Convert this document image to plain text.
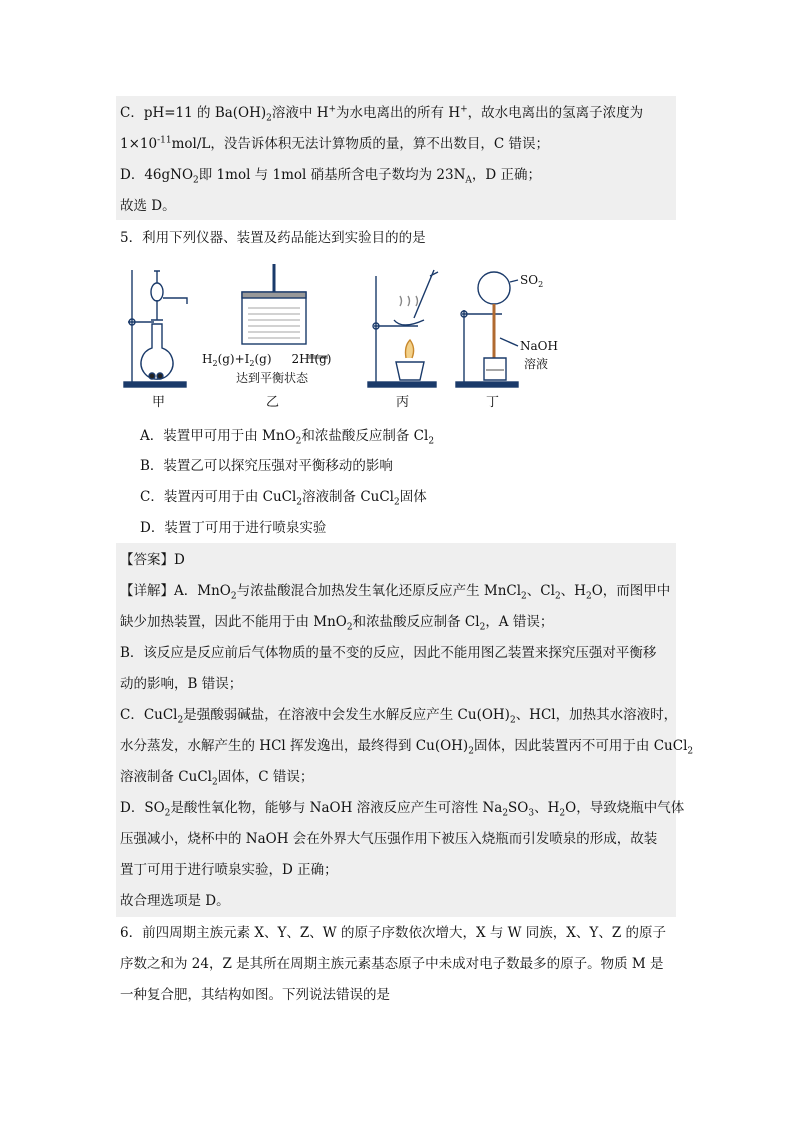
C．pH=11 的 $Ba(OH)_2$溶液中 H+为水电离出的所有 H+，故水电离出的氢离子浓度为
$1\times 10^{-11}mol/L$，没告诉体积无法计算物质的量，算不出数目，C 错误；
D．46gNO$_2$即 1mol 与 1mol 硝基所含电子数均为 $23N_A$，D 正确；
故选 D。
5．利用下列仪器、装置及药品能达到实验目的的是
甲	乙	丙	丁
$H_2(g)+I_2(g)$ 2HI(g)
达到平衡状态
$SO_2$
NaOH
溶液
A．装置甲可用于由 MnO$_2$和浓盐酸反应制备 $Cl_2$
B．装置乙可以探究压强对平衡移动的影响
C．装置丙可用于由 CuCl$_2$溶液制备 CuCl$_2$固体
D．装置丁可用于进行喷泉实验
【答案】D
【详解】A．MnO$_2$与浓盐酸混合加热发生氧化还原反应产生 MnCl$_2$、$Cl_2$、$H_2O$，而图甲中
缺少加热装置，因此不能用于由 MnO$_2$和浓盐酸反应制备 $Cl_2$，A 错误；
B．该反应是反应前后气体物质的量不变的反应，因此不能用图乙装置来探究压强对平衡移
动的影响，B 错误；
C．CuCl$_2$是强酸弱碱盐，在溶液中会发生水解反应产生 $Cu(OH)_2$、HCl，加热其水溶液时，
水分蒸发，水解产生的 HCl 挥发逸出，最终得到 $Cu(OH)_2$固体，因此装置丙不可用于由 CuCl$_2$
溶液制备 CuCl$_2$固体，C 错误；
D．$SO_2$是酸性氧化物，能够与 NaOH 溶液反应产生可溶性 $Na_2SO_3$、$H_2O$，导致烧瓶中气体
压强减小，烧杯中的 NaOH 会在外界大气压强作用下被压入烧瓶而引发喷泉的形成，故装
置丁可用于进行喷泉实验，D 正确；
故合理选项是 D。
6．前四周期主族元素 X、Y、Z、W 的原子序数依次增大，X 与 W 同族，X、Y、Z 的原子
序数之和为 24，Z 是其所在周期主族元素基态原子中未成对电子数最多的原子。物质 M 是
一种复合肥，其结构如图。下列说法错误的是
